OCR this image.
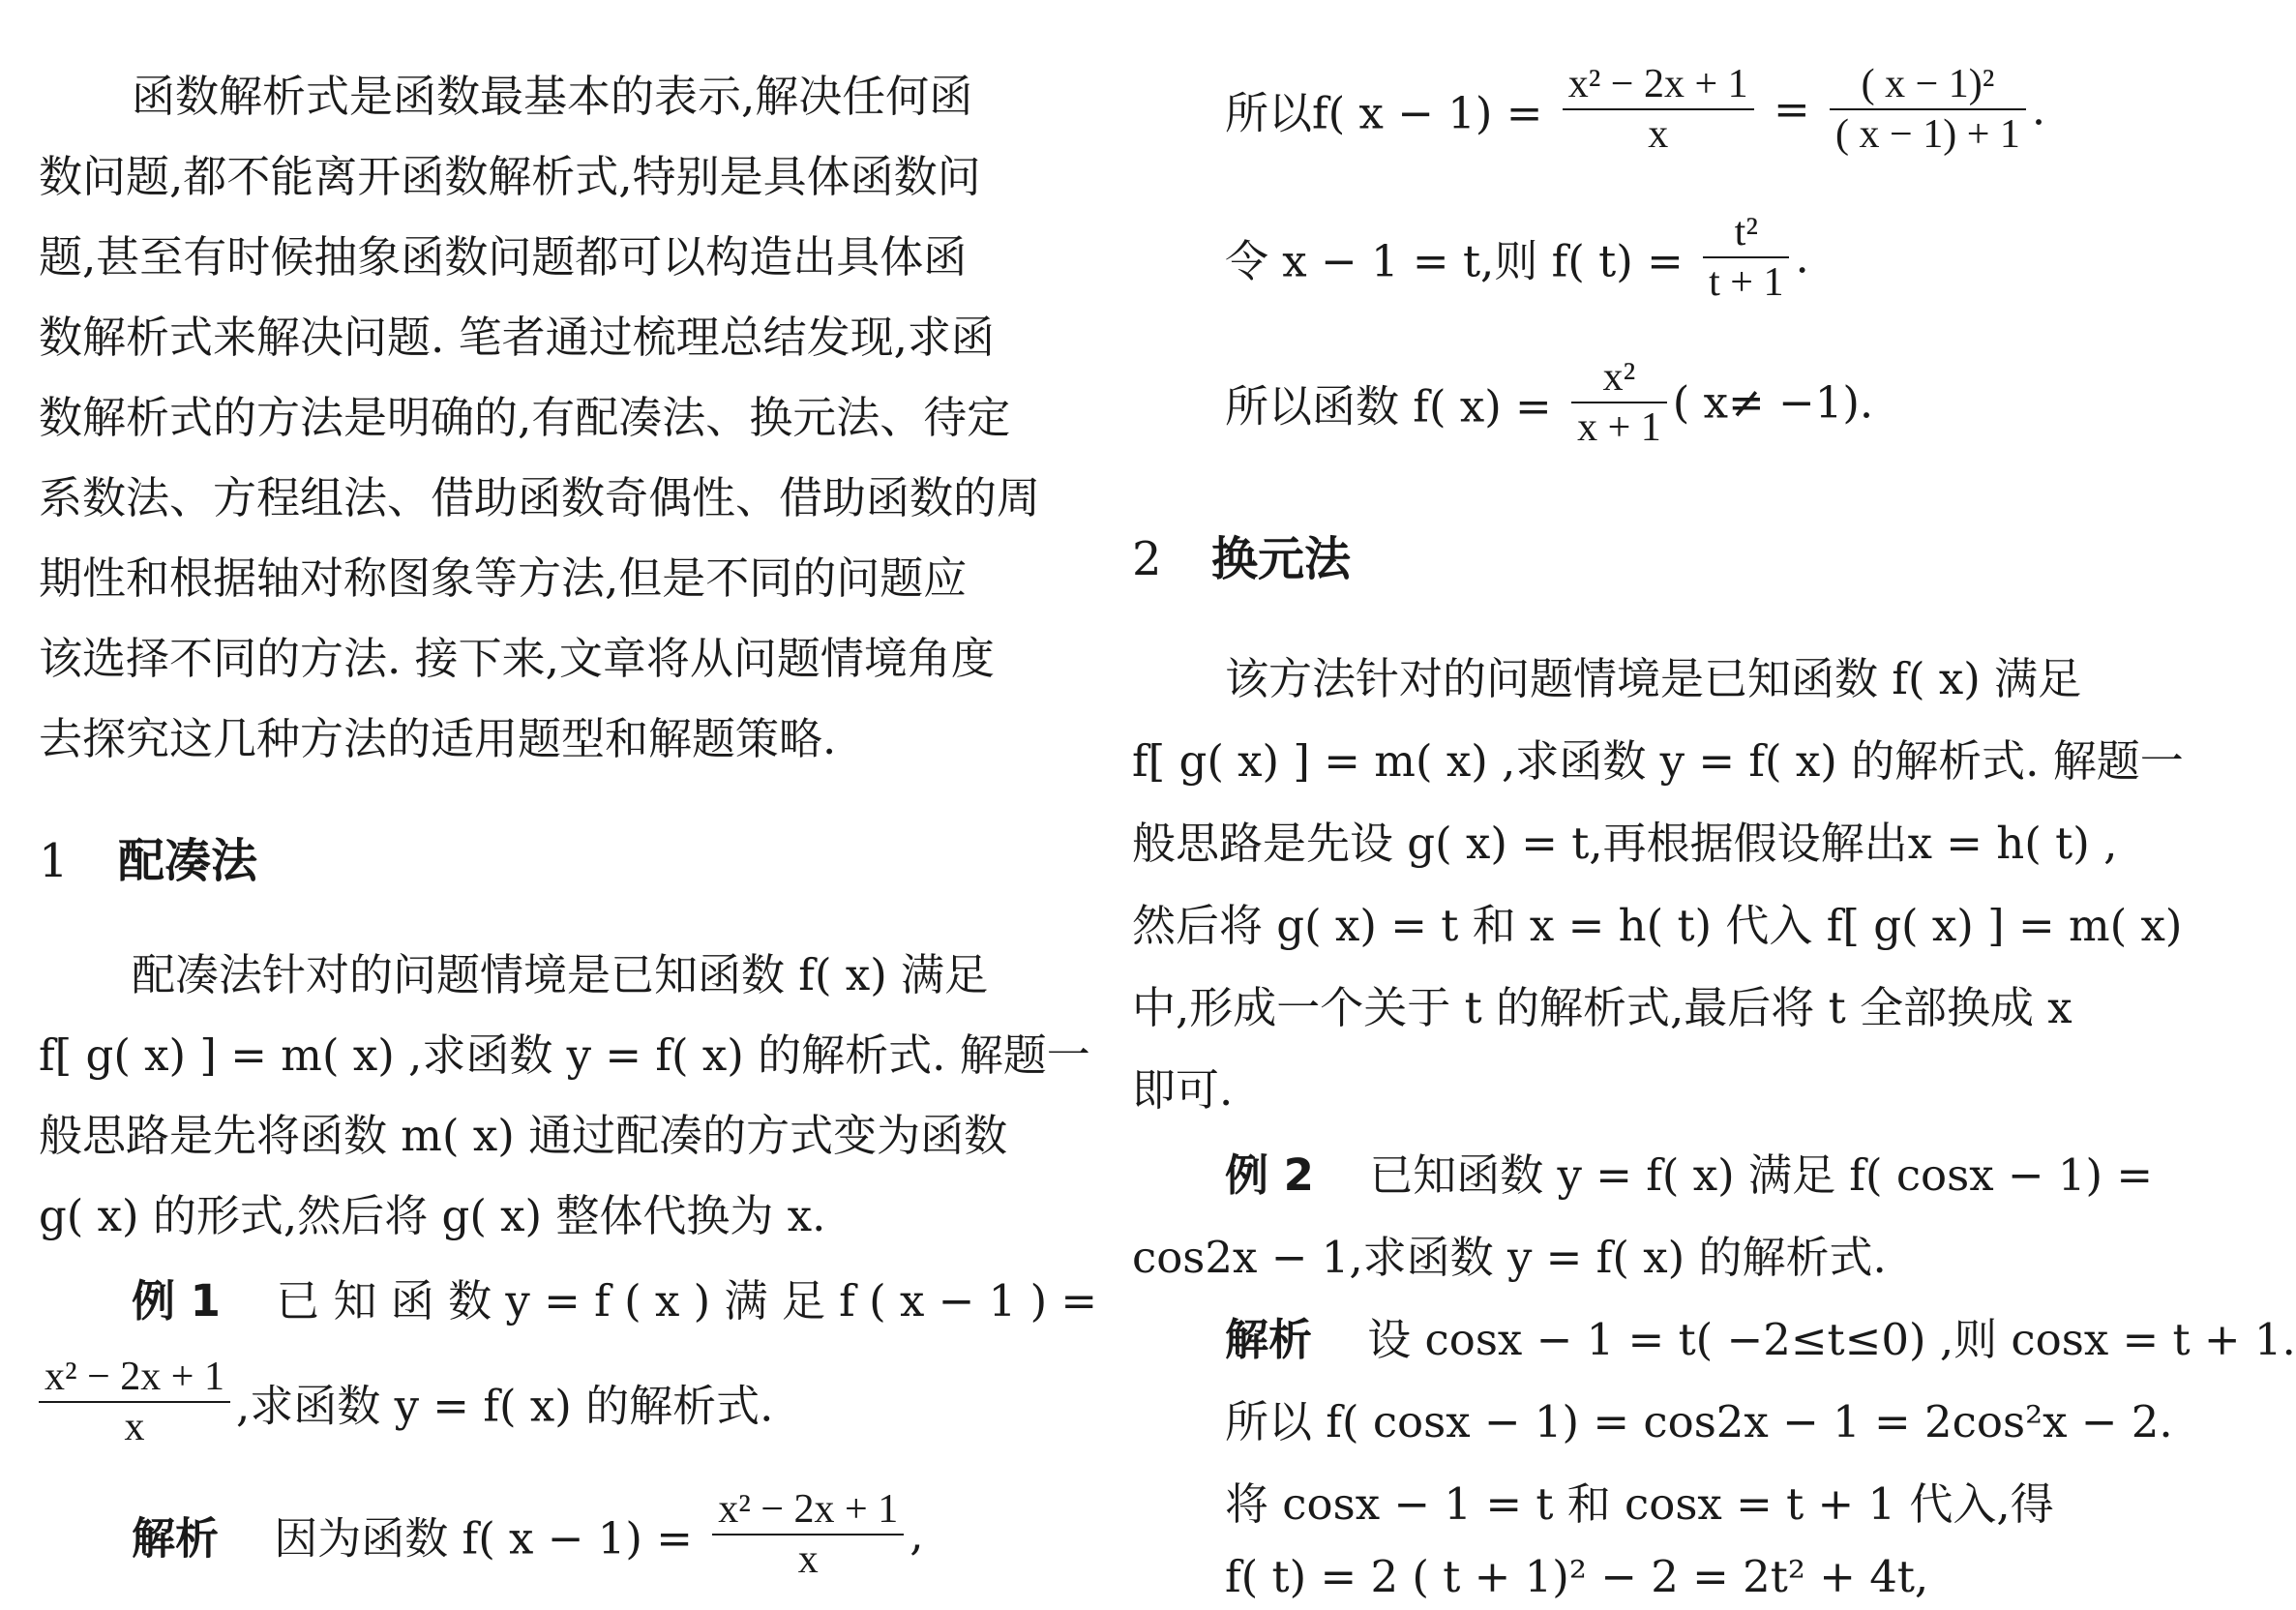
函数解析式是函数最基本的表示,解决任何函
数问题,都不能离开函数解析式,特别是具体函数问
题,甚至有时候抽象函数问题都可以构造出具体函
数解析式来解决问题. 笔者通过梳理总结发现,求函
数解析式的方法是明确的,有配凑法、换元法、待定
系数法、方程组法、借助函数奇偶性、借助函数的周
期性和根据轴对称图象等方法,但是不同的问题应
该选择不同的方法. 接下来,文章将从问题情境角度
去探究这几种方法的适用题型和解题策略.
1 配凑法
配凑法针对的问题情境是已知函数 f( x) 满足
f[ g( x) ] = m( x) ,求函数 y = f( x) 的解析式. 解题一
般思路是先将函数 m( x) 通过配凑的方式变为函数
g( x) 的形式,然后将 g( x) 整体代换为 x.
例 1 已 知 函 数 y = f ( x ) 满 足 f ( x − 1 ) =
$\frac{\text{x² − 2x + 1}}{x}$ ,求函数 y = f( x) 的解析式.
解析 因为函数 f( $x - 1) = \frac{\text{x² − 2x + 1}}{x}$ ,
所以f( $x - 1) = \frac{\text{x² − 2x + 1}}{x} = \frac{\text{( x − 1)²}}{( x - 1) + 1}$ .
令 x − 1 = t,则 f( $t) = \frac{\text{t²}}{t + 1}$ .
所以函数 f( $x) = \frac{\text{x²}}{x + 1}$ ( x≠ −1).
2 换元法
该方法针对的问题情境是已知函数 f( x) 满足
f[ g( x) ] = m( x) ,求函数 y = f( x) 的解析式. 解题一
般思路是先设 g( x) = t,再根据假设解出x = h( t) ,
然后将 g( x) = t 和 x = h( t) 代入 f[ g( x) ] = m( x)
中,形成一个关于 t 的解析式,最后将 t 全部换成 x
即可.
例 2 已知函数 y = f( x) 满足 f( cosx − 1) =
cos2x − 1,求函数 y = f( x) 的解析式.
解析 设 cosx − 1 = t( −2≤t≤0) ,则 cosx = t + 1.
所以 f( cosx − 1) = cos2x − 1 = 2cos²x − 2.
将 cosx − 1 = t 和 cosx = t + 1 代入,得
f( t) = 2 ( t + 1)² − 2 = 2t² + 4t,
